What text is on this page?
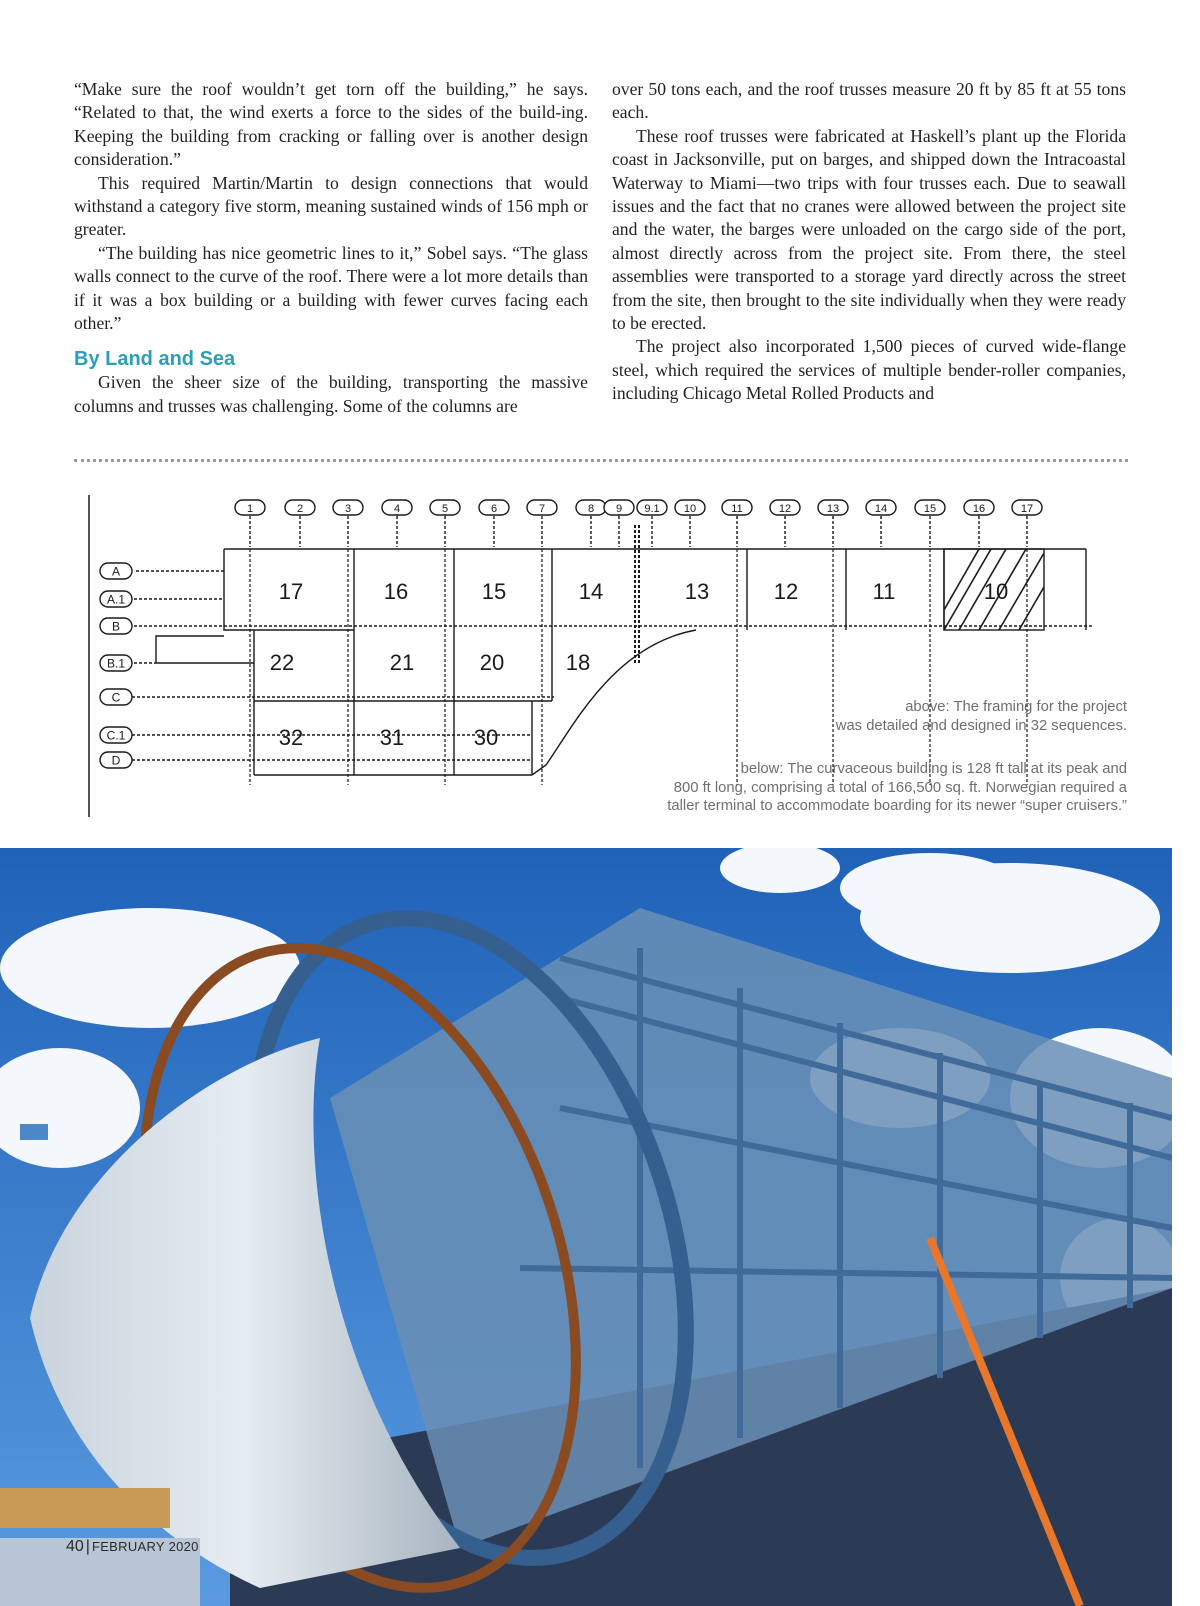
“Make sure the roof wouldn’t get torn off the building,” he says. “Related to that, the wind exerts a force to the sides of the build-ing. Keeping the building from cracking or falling over is another design consideration.”

This required Martin/Martin to design connections that would withstand a category five storm, meaning sustained winds of 156 mph or greater.

“The building has nice geometric lines to it,” Sobel says. “The glass walls connect to the curve of the roof. There were a lot more details than if it was a box building or a building with fewer curves facing each other.”

By Land and Sea

Given the sheer size of the building, transporting the massive columns and trusses was challenging. Some of the columns are

over 50 tons each, and the roof trusses measure 20 ft by 85 ft at 55 tons each.

These roof trusses were fabricated at Haskell’s plant up the Florida coast in Jacksonville, put on barges, and shipped down the Intracoastal Waterway to Miami—two trips with four trusses each. Due to seawall issues and the fact that no cranes were allowed between the project site and the water, the barges were unloaded on the cargo side of the port, almost directly across from the project site. From there, the steel assemblies were transported to a storage yard directly across the street from the site, then brought to the site individually when they were ready to be erected.

The project also incorporated 1,500 pieces of curved wide-flange steel, which required the services of multiple bender-roller companies, including Chicago Metal Rolled Products and

1	2	3	4	5	6	7	8 9 9.1 10	11	12	13	14	15	16	17
A
A.1
B
B.1
C
C.1
D
17	16	15	14	13	12	11	10
22	21	20	18
32	31	30
above: The framing for the project
was detailed and designed in 32 sequences.
below: The curvaceous building is 128 ft tall at its peak and
800 ft long, comprising a total of 166,500 sq. ft. Norwegian required a
taller terminal to accommodate boarding for its newer “super cruisers.”
40 | FEBRUARY 2020
